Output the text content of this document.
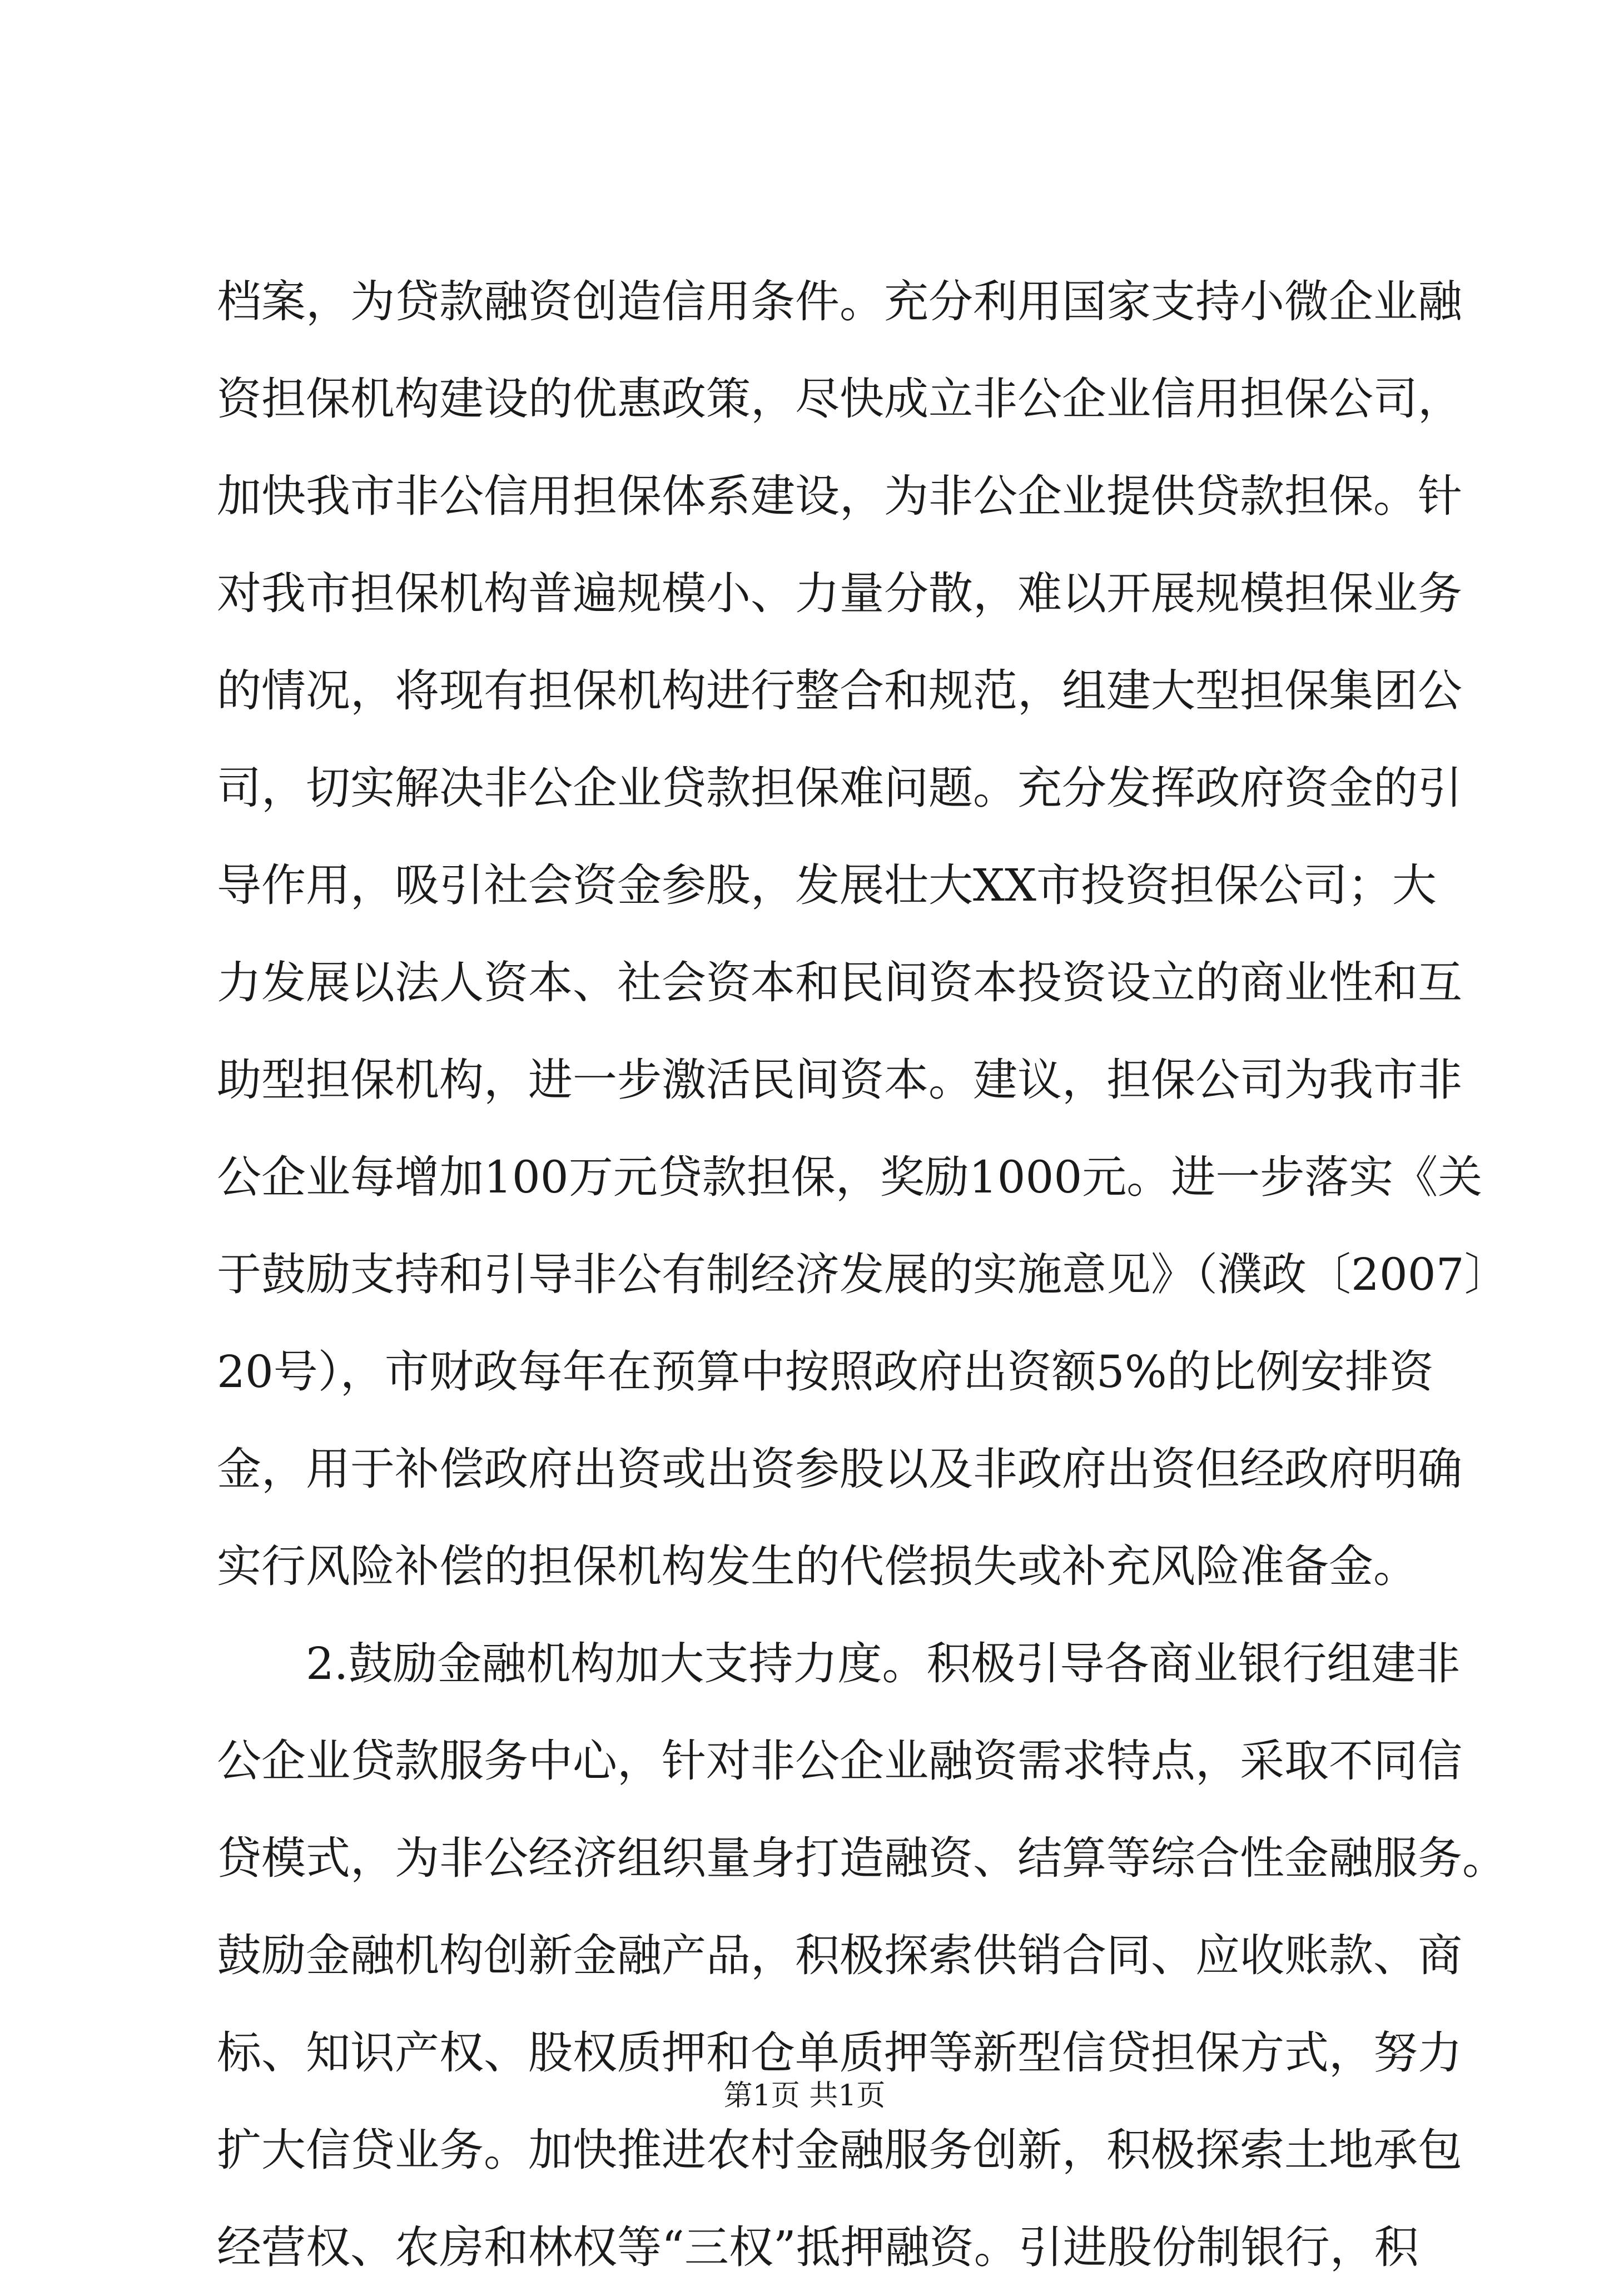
档案，为贷款融资创造信用条件。充分利用国家支持小微企业融
资担保机构建设的优惠政策，尽快成立非公企业信用担保公司，
加快我市非公信用担保体系建设，为非公企业提供贷款担保。针
对我市担保机构普遍规模小、力量分散，难以开展规模担保业务
的情况，将现有担保机构进行整合和规范，组建大型担保集团公
司，切实解决非公企业贷款担保难问题。充分发挥政府资金的引
导作用，吸引社会资金参股，发展壮大XX市投资担保公司；大
力发展以法人资本、社会资本和民间资本投资设立的商业性和互
助型担保机构，进一步激活民间资本。建议，担保公司为我市非
公企业每增加100万元贷款担保，奖励1000元。进一步落实《关
于鼓励支持和引导非公有制经济发展的实施意见》（濮政〔2007〕
20号），市财政每年在预算中按照政府出资额5%的比例安排资
金，用于补偿政府出资或出资参股以及非政府出资但经政府明确
实行风险补偿的担保机构发生的代偿损失或补充风险准备金。
2.鼓励金融机构加大支持力度。积极引导各商业银行组建非
公企业贷款服务中心，针对非公企业融资需求特点，采取不同信
贷模式，为非公经济组织量身打造融资、结算等综合性金融服务。
鼓励金融机构创新金融产品，积极探索供销合同、应收账款、商
标、知识产权、股权质押和仓单质押等新型信贷担保方式，努力
扩大信贷业务。加快推进农村金融服务创新，积极探索土地承包
经营权、农房和林权等“三权”抵押融资。引进股份制银行，积
第1页 共1页
